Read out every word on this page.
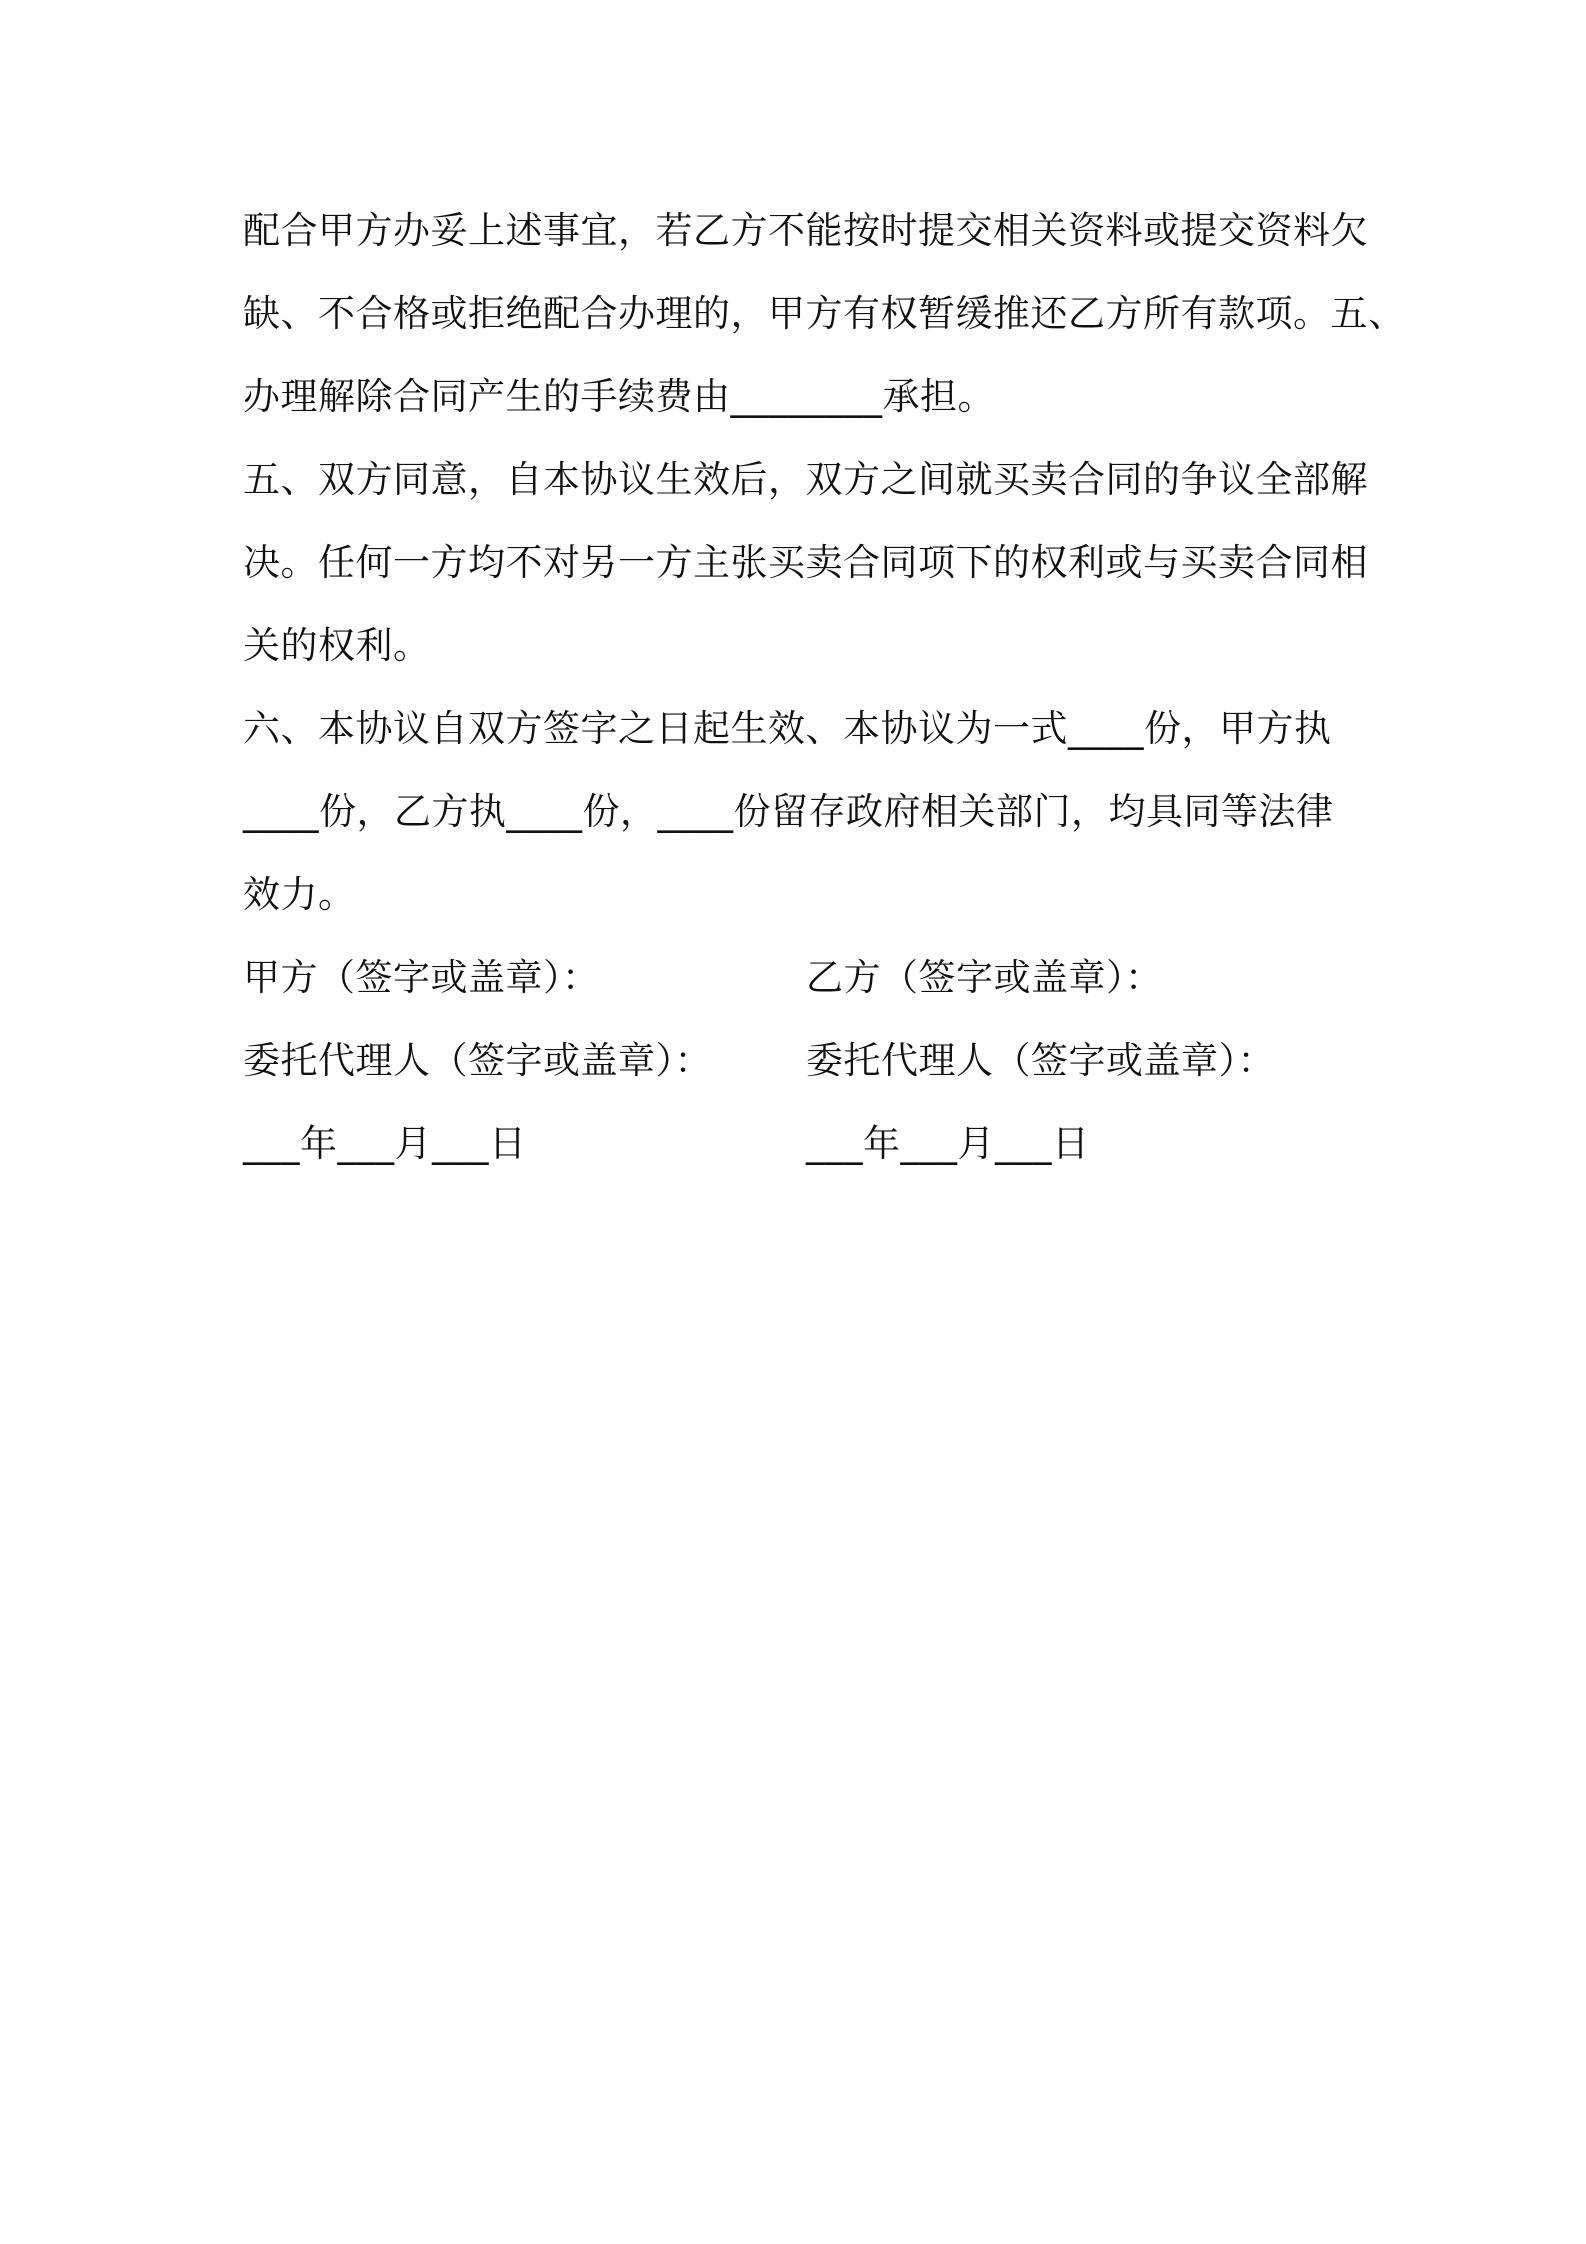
配合甲方办妥上述事宜，若乙方不能按时提交相关资料或提交资料欠
缺、不合格或拒绝配合办理的，甲方有权暂缓推还乙方所有款项。五、
办理解除合同产生的手续费由________承担。
五、双方同意，自本协议生效后，双方之间就买卖合同的争议全部解
决。任何一方均不对另一方主张买卖合同项下的权利或与买卖合同相
关的权利。
六、本协议自双方签字之日起生效、本协议为一式____份，甲方执
____份，乙方执____份，____份留存政府相关部门，均具同等法律
效力。
甲方（签字或盖章）：	乙方（签字或盖章）：
委托代理人（签字或盖章）：	委托代理人（签字或盖章）：
___年___月___日	___年___月___日
